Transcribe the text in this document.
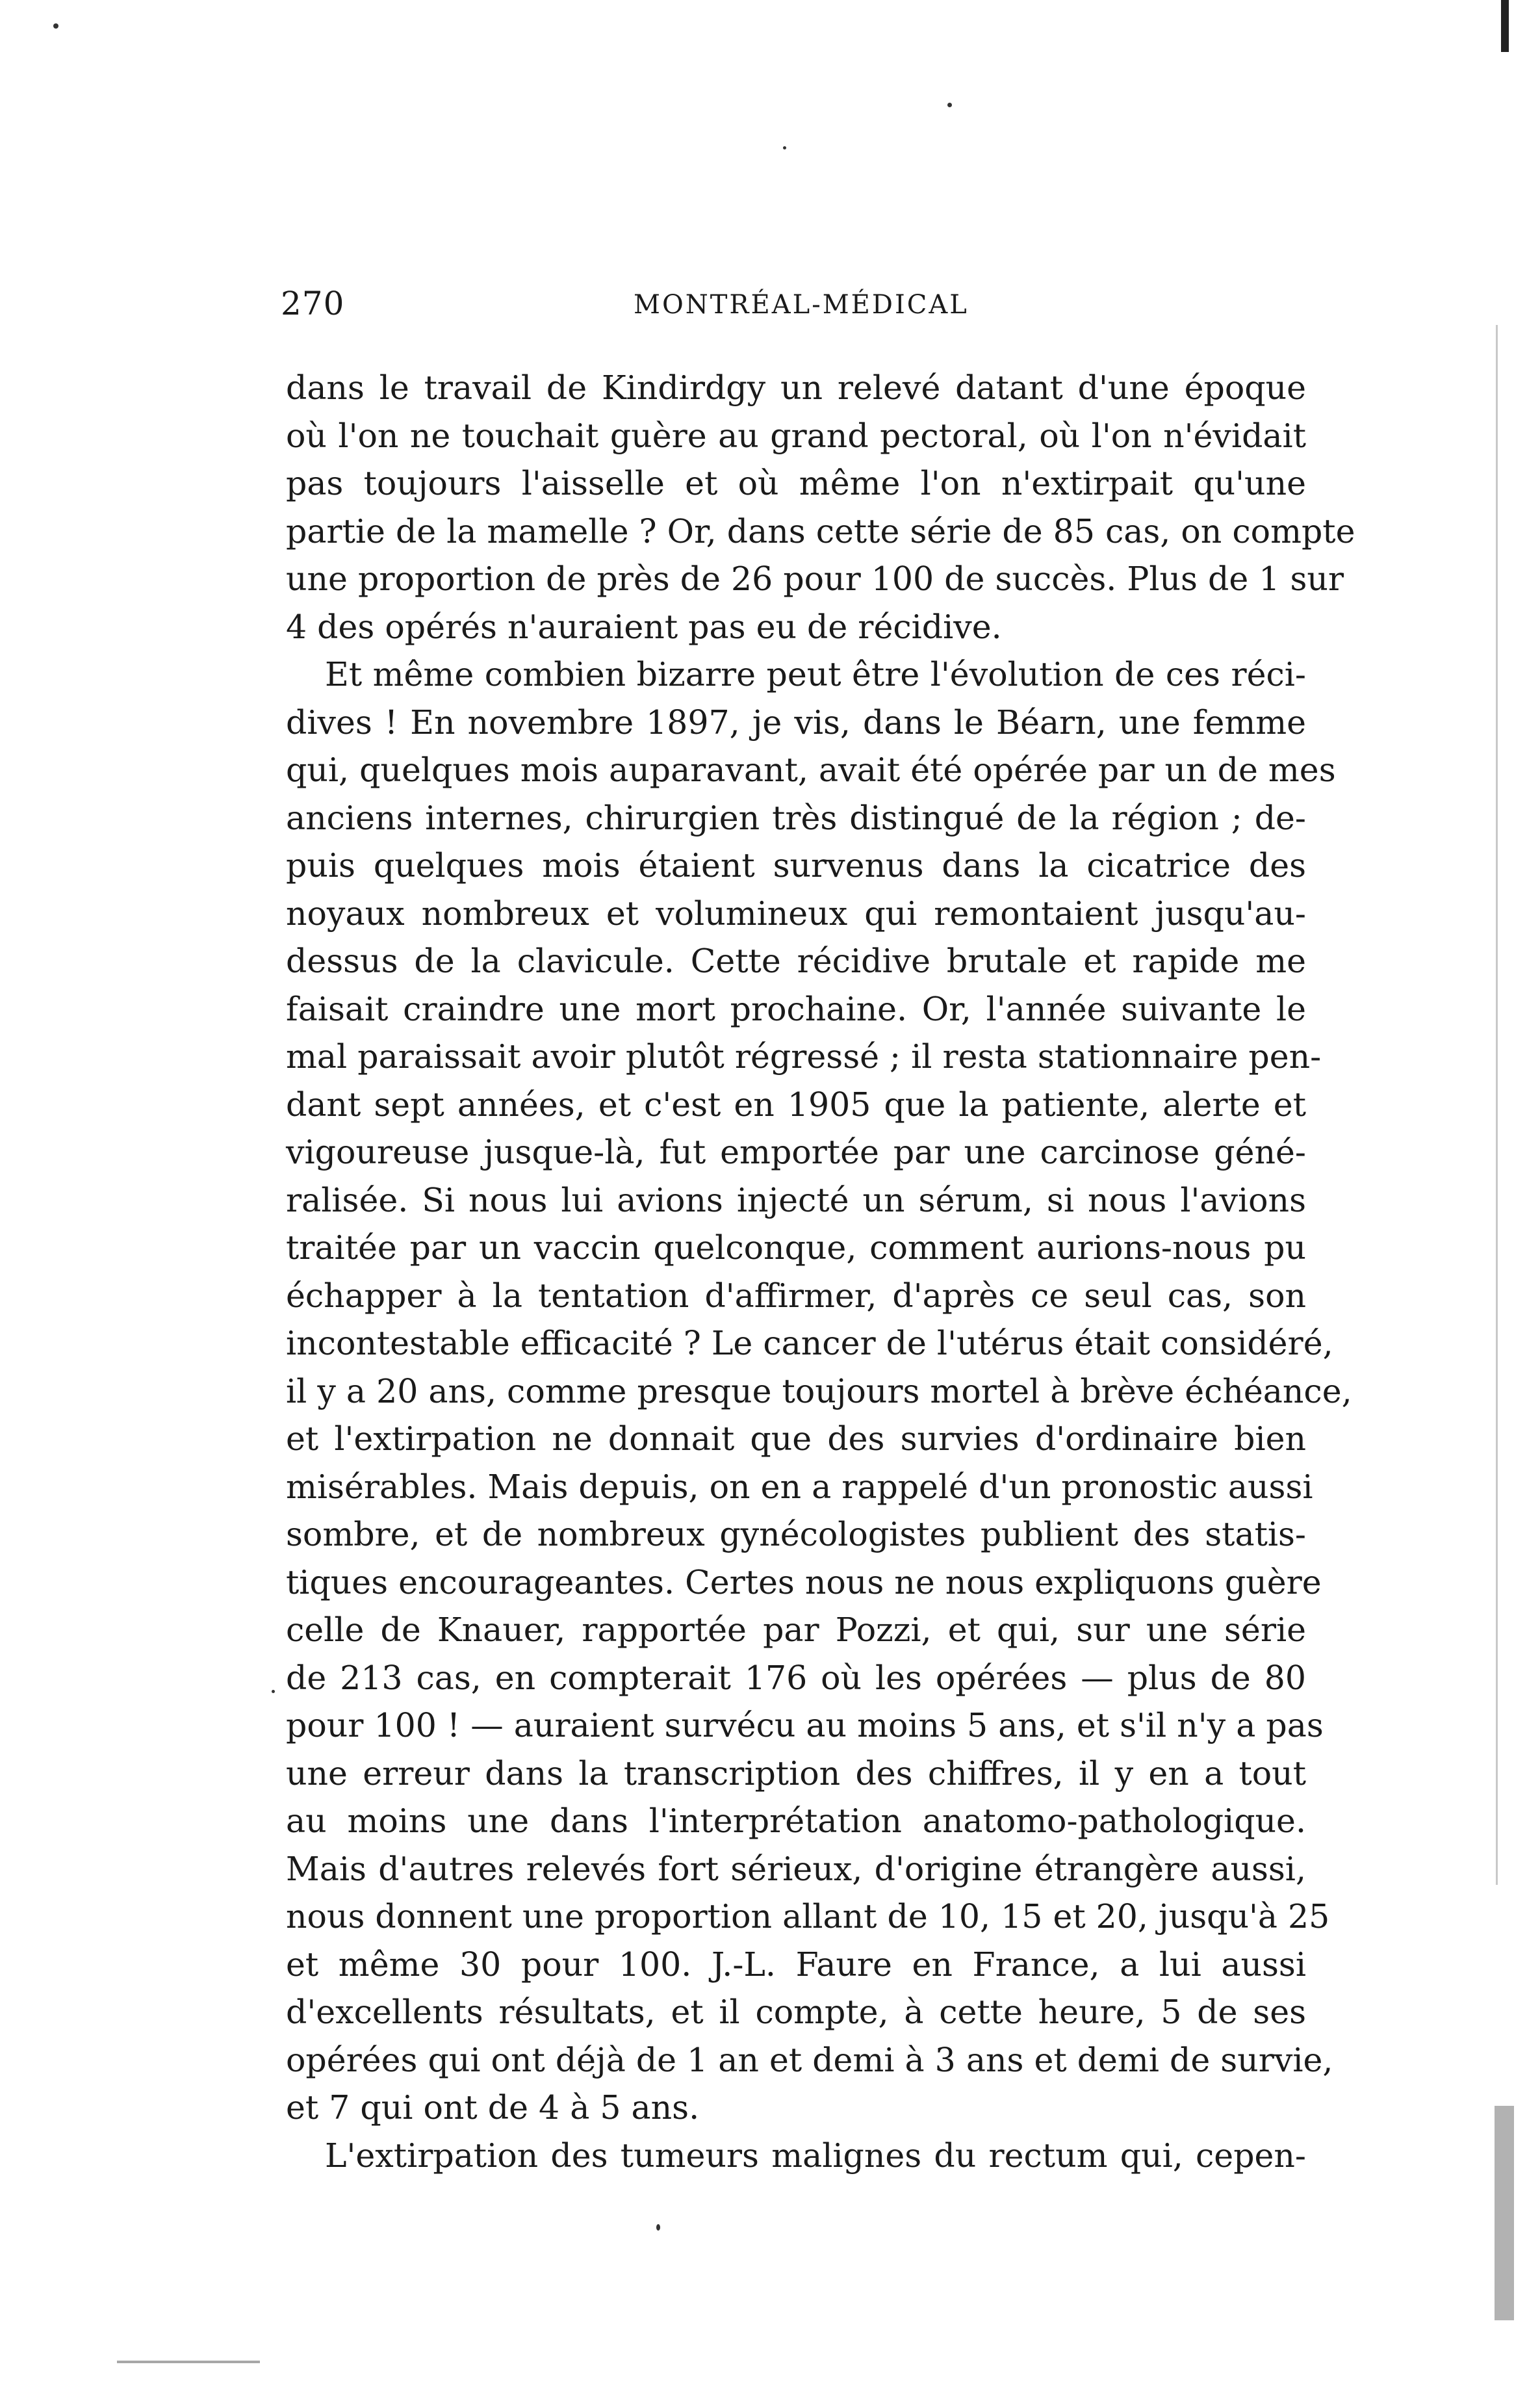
270	MONTRÉAL-MÉDICAL
dans le travail de Kindirdgy un relevé datant d'une époque
où l'on ne touchait guère au grand pectoral, où l'on n'évidait
pas toujours l'aisselle et où même l'on n'extirpait qu'une
partie de la mamelle ? Or, dans cette série de 85 cas, on compte
une proportion de près de 26 pour 100 de succès. Plus de 1 sur
4 des opérés n'auraient pas eu de récidive.
Et même combien bizarre peut être l'évolution de ces réci-
dives ! En novembre 1897, je vis, dans le Béarn, une femme
qui, quelques mois auparavant, avait été opérée par un de mes
anciens internes, chirurgien très distingué de la région ; de-
puis quelques mois étaient survenus dans la cicatrice des
noyaux nombreux et volumineux qui remontaient jusqu'au-
dessus de la clavicule. Cette récidive brutale et rapide me
faisait craindre une mort prochaine. Or, l'année suivante le
mal paraissait avoir plutôt régressé ; il resta stationnaire pen-
dant sept années, et c'est en 1905 que la patiente, alerte et
vigoureuse jusque-là, fut emportée par une carcinose géné-
ralisée. Si nous lui avions injecté un sérum, si nous l'avions
traitée par un vaccin quelconque, comment aurions-nous pu
échapper à la tentation d'affirmer, d'après ce seul cas, son
incontestable efficacité ? Le cancer de l'utérus était considéré,
il y a 20 ans, comme presque toujours mortel à brève échéance,
et l'extirpation ne donnait que des survies d'ordinaire bien
misérables. Mais depuis, on en a rappelé d'un pronostic aussi
sombre, et de nombreux gynécologistes publient des statis-
tiques encourageantes. Certes nous ne nous expliquons guère
celle de Knauer, rapportée par Pozzi, et qui, sur une série
de 213 cas, en compterait 176 où les opérées — plus de 80
pour 100 ! — auraient survécu au moins 5 ans, et s'il n'y a pas
une erreur dans la transcription des chiffres, il y en a tout
au moins une dans l'interprétation anatomo-pathologique.
Mais d'autres relevés fort sérieux, d'origine étrangère aussi,
nous donnent une proportion allant de 10, 15 et 20, jusqu'à 25
et même 30 pour 100. J.-L. Faure en France, a lui aussi
d'excellents résultats, et il compte, à cette heure, 5 de ses
opérées qui ont déjà de 1 an et demi à 3 ans et demi de survie,
et 7 qui ont de 4 à 5 ans.
L'extirpation des tumeurs malignes du rectum qui, cepen-
